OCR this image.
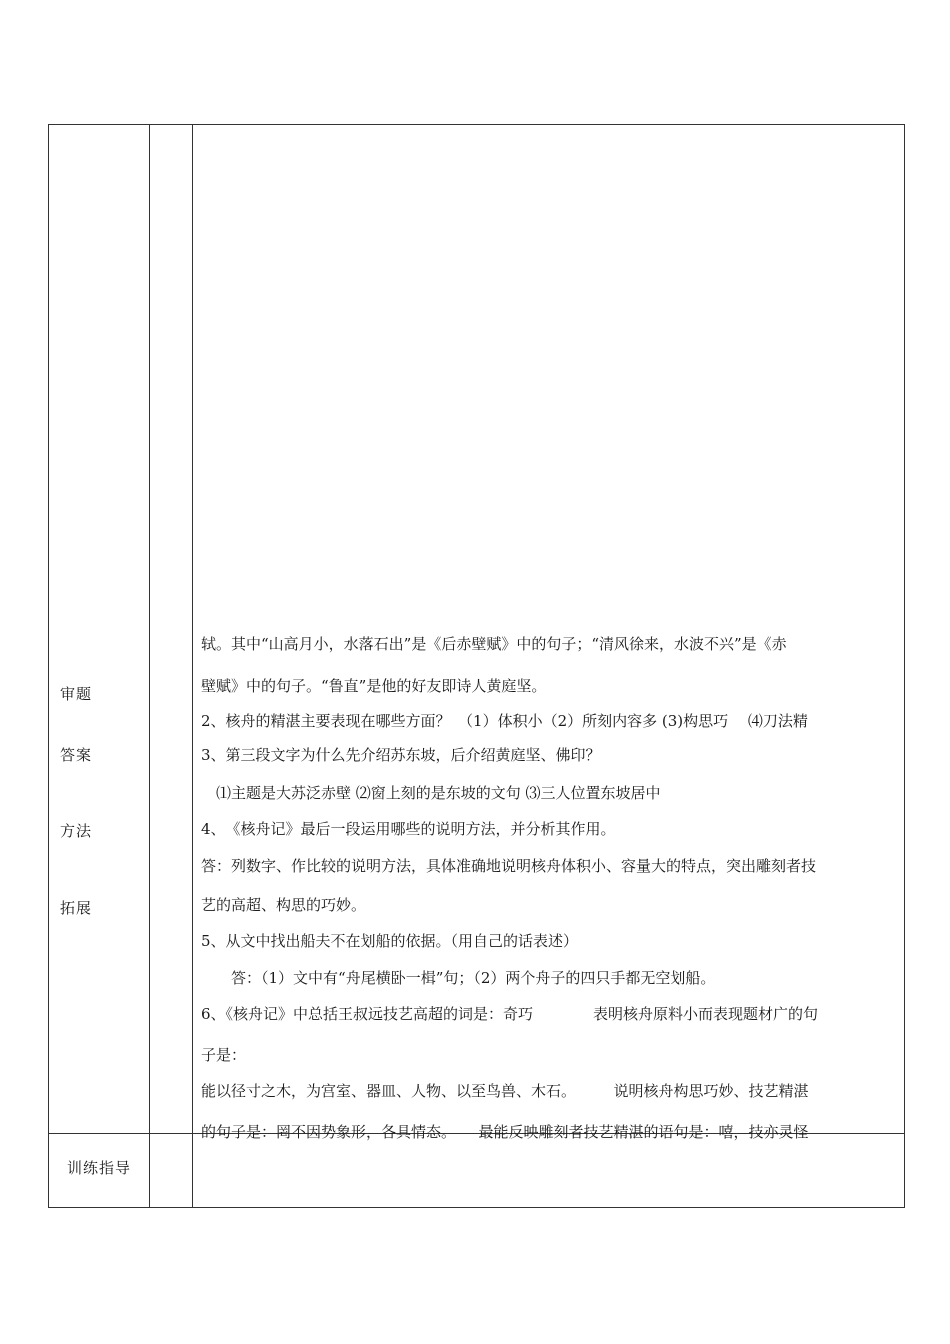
审题
答案
方法
拓展
训练指导
轼。其中“山高月小，水落石出”是《后赤壁赋》中的句子；“清风徐来，水波不兴”是《赤
壁赋》中的句子。“鲁直”是他的好友即诗人黄庭坚。
2、核舟的精湛主要表现在哪些方面？　（1）体积小（2）所刻内容多 (3)构思巧　 ⑷刀法精
3、第三段文字为什么先介绍苏东坡，后介绍黄庭坚、佛印？
　⑴主题是大苏泛赤壁 ⑵窗上刻的是东坡的文句 ⑶三人位置东坡居中
4、　《核舟记》最后一段运用哪些的说明方法，并分析其作用。
答：列数字、作比较的说明方法，具体准确地说明核舟体积小、容量大的特点，突出雕刻者技
艺的高超、构思的巧妙。
5、从文中找出船夫不在划船的依据。（用自己的话表述）
　　答：（1）文中有“舟尾横卧一楫”句；（2）两个舟子的四只手都无空划船。
6、《核舟记》中总括王叔远技艺高超的词是：奇巧　　　　表明核舟原料小而表现题材广的句
子是：
能以径寸之木，为宫室、器皿、人物、以至鸟兽、木石。　　　说明核舟构思巧妙、技艺精湛
的句子是：罔不因势象形，各具情态。　　最能反映雕刻者技艺精湛的语句是：嘻，技亦灵怪
